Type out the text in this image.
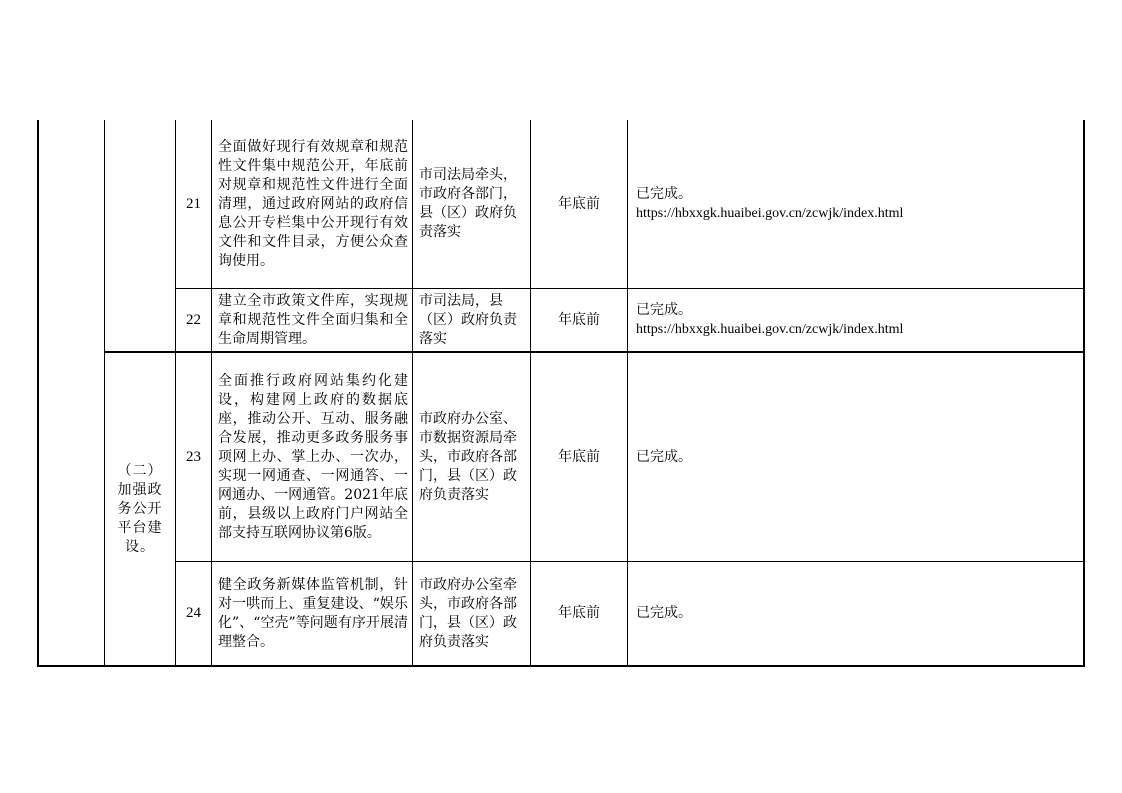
（二）加强政务公开平台建设。
21
全面做好现行有效规章和规范性文件集中规范公开，年底前对规章和规范性文件进行全面清理，通过政府网站的政府信息公开专栏集中公开现行有效文件和文件目录，方便公众查询使用。
市司法局牵头，市政府各部门，县（区）政府负责落实
年底前
已完成。
https://hbxxgk.huaibei.gov.cn/zcwjk/index.html
22
建立全市政策文件库，实现规章和规范性文件全面归集和全生命周期管理。
市司法局，县（区）政府负责落实
年底前
已完成。
https://hbxxgk.huaibei.gov.cn/zcwjk/index.html
23
全面推行政府网站集约化建设，构建网上政府的数据底座，推动公开、互动、服务融合发展，推动更多政务服务事项网上办、掌上办、一次办，实现一网通查、一网通答、一网通办、一网通管。2021年底前，县级以上政府门户网站全部支持互联网协议第6版。
市政府办公室、市数据资源局牵头，市政府各部门，县（区）政府负责落实
年底前	已完成。
24
健全政务新媒体监管机制，针对一哄而上、重复建设、“娱乐化”、“空壳”等问题有序开展清理整合。
市政府办公室牵头，市政府各部门，县（区）政府负责落实
年底前	已完成。
